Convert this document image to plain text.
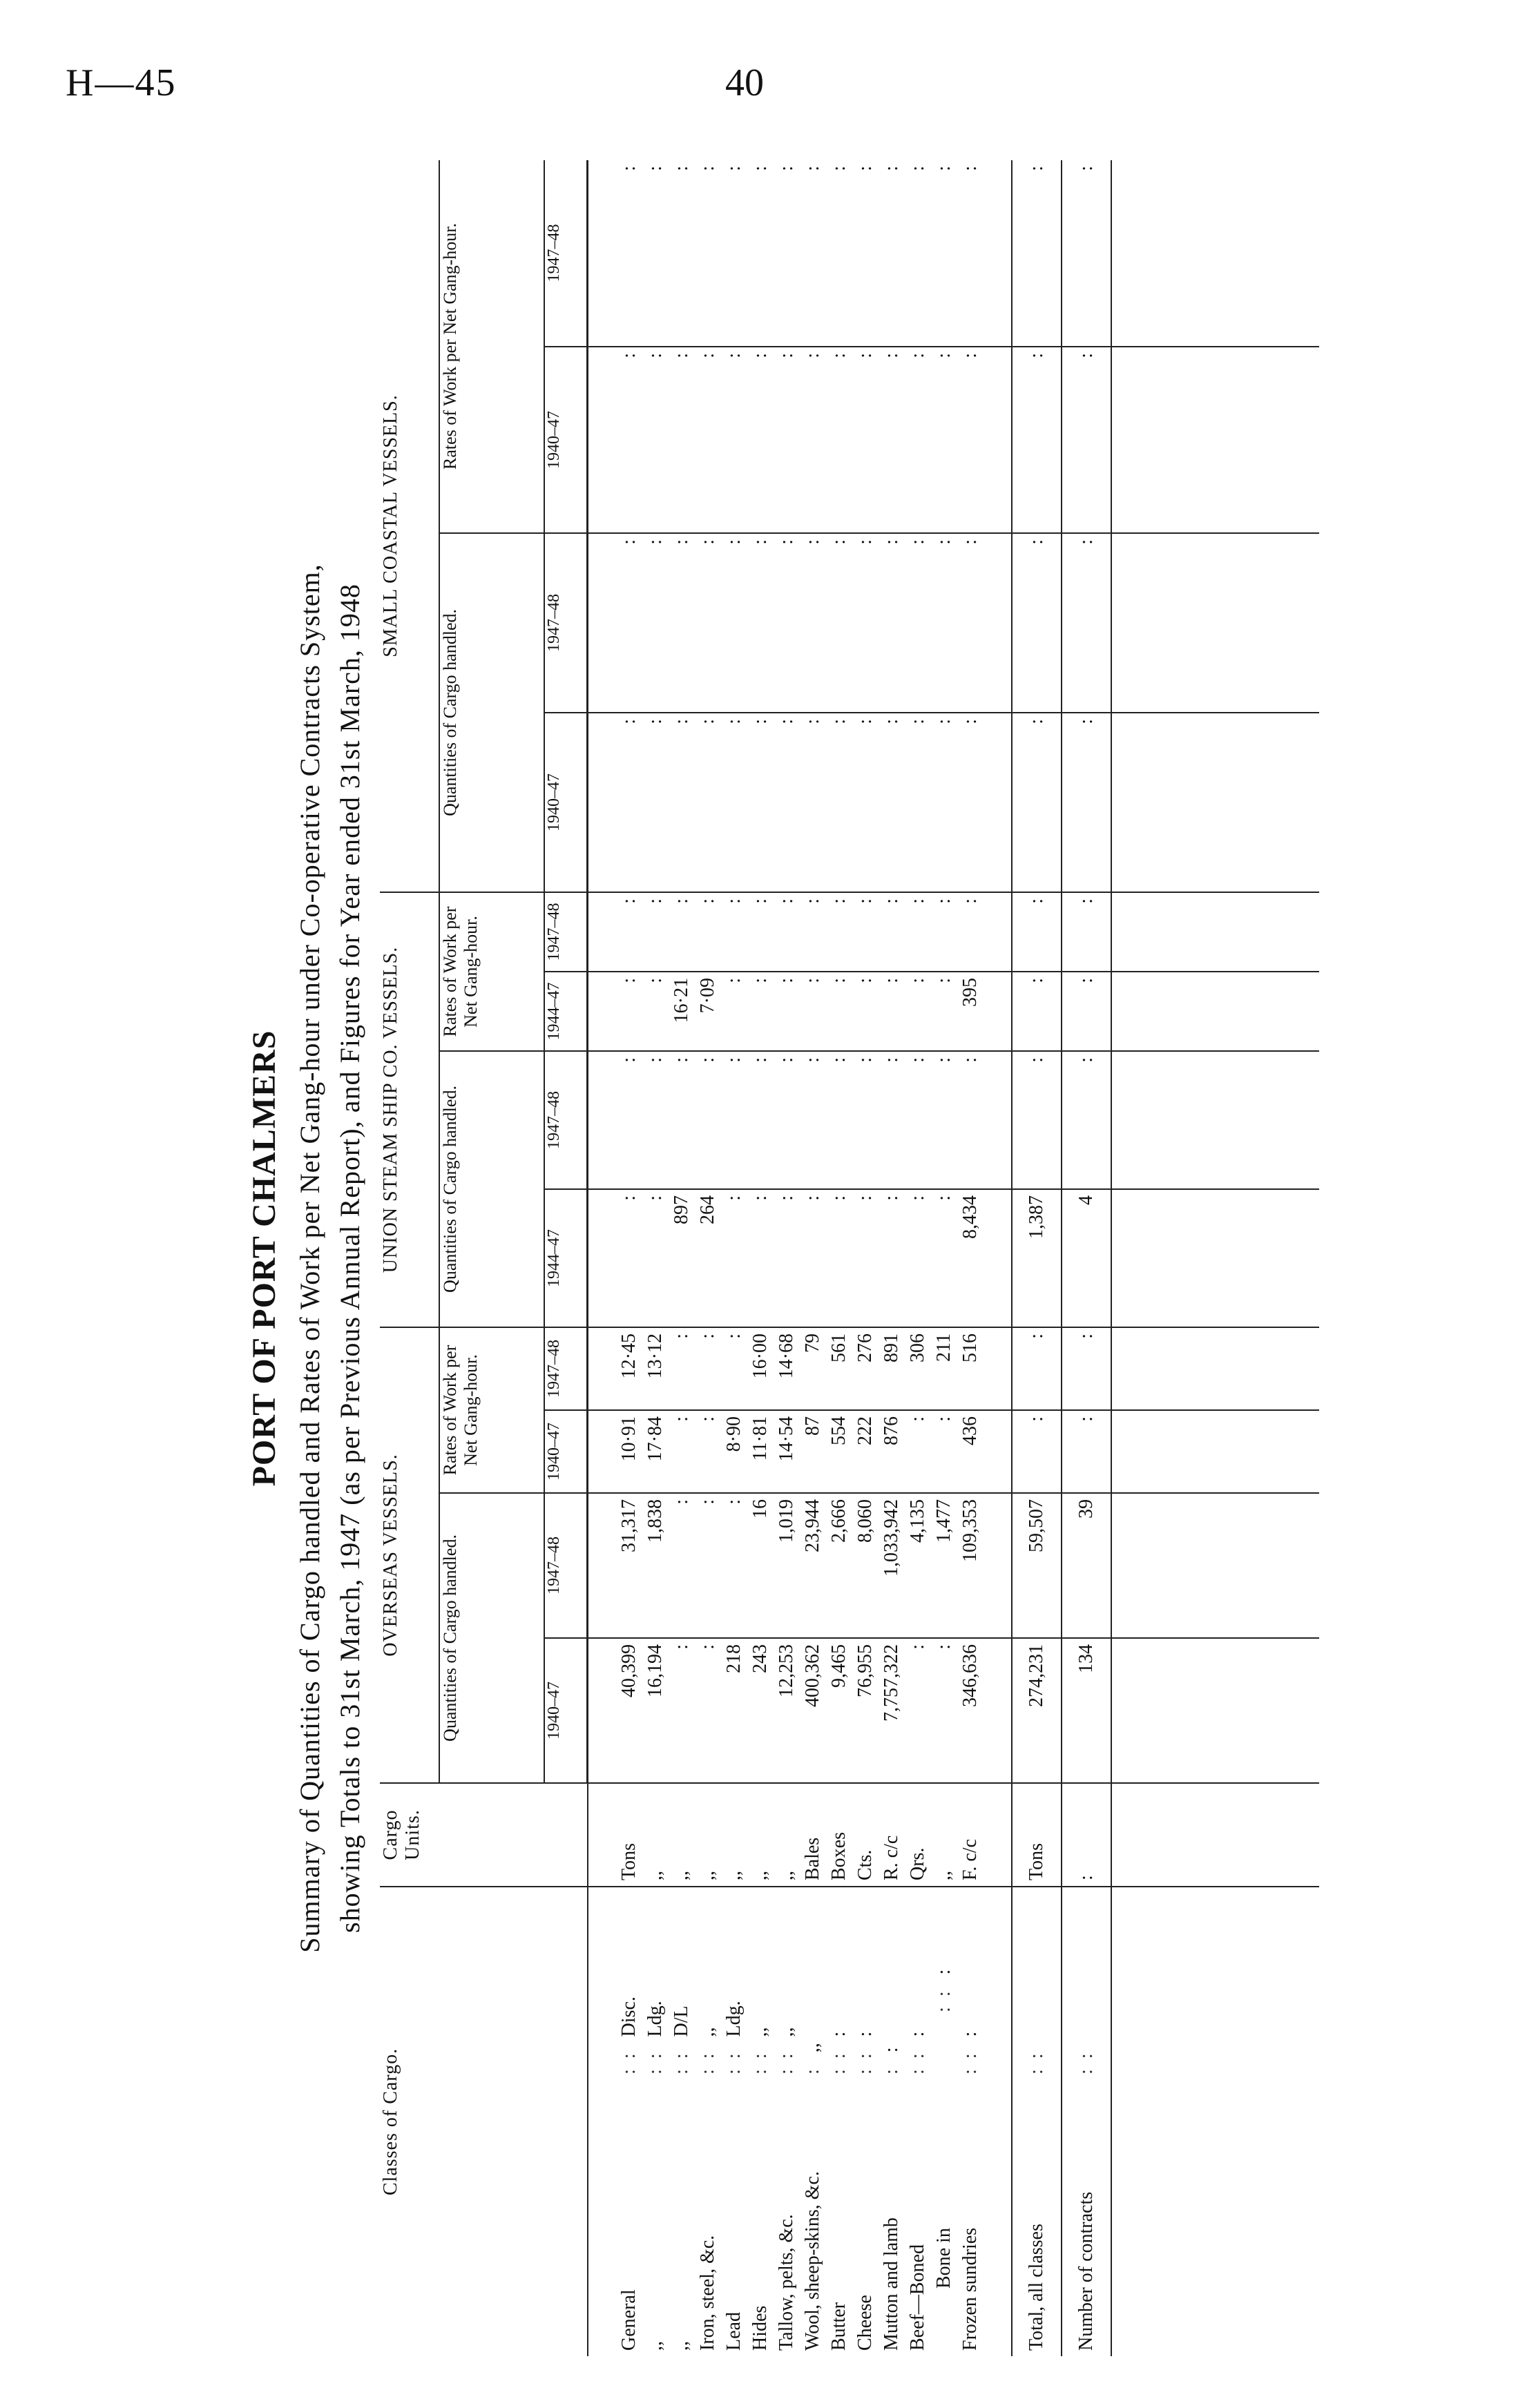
H—45	40
PORT OF PORT CHALMERS Summary of Quantities of Cargo handled and Rates of Work per Net Gang-hour under Co-operative Contracts System, showing Totals to 31st March, 1947 (as per Previous Annual Report), and Figures for Year ended 31st March, 1948
Classes of Cargo.	Cargo Units.	OVERSEAS VESSELS.				UNION STEAM SHIP CO. VESSELS.				SMALL COASTAL VESSELS.			
		Quantities of Cargo handled.		Rates of Work per Net Gang-hour.		Quantities of Cargo handled.		Rates of Work per Net Gang-hour.		Quantities of Cargo handled.		Rates of Work per Net Gang-hour.	
		1940–47	1947–48	1940–47	1947–48	1944–47	1947–48	1944–47	1947–48	1940–47	1947–48	1940–47	1947–48

General: :Disc.	Tons	40,399	31,317	10·91	12·45	:	:	:	:	:	:	:	:
,,: :Ldg.	,,	16,194	1,838	17·84	13·12	:	:	:	:	:	:	:	:
,,: :D/L	,,	:	:	:	:	897	:	16·21	:	:	:	:	:
Iron, steel, &c.: :,,	,,	:	:	:	:	264	:	7·09	:	:	:	:	:
Lead: :Ldg.	,,	218	:	8·90	:	:	:	:	:	:	:	:	:
Hides: :,,	,,	243	16	11·81	16·00	:	:	:	:	:	:	:	:
Tallow, pelts, &c.: :,,	,,	12,253	1,019	14·54	14·68	:	:	:	:	:	:	:	:
Wool, sheep-skins, &c.:,,	Bales	400,362	23,944	87	79	:	:	:	:	:	:	:	:
Butter: ::	Boxes	9,465	2,666	554	561	:	:	:	:	:	:	:	:
Cheese: ::	Cts.	76,955	8,060	222	276	:	:	:	:	:	:	:	:
Mutton and lamb::	R. c/c	7,757,322	1,033,942	876	891	:	:	:	:	:	:	:	:
Beef—Boned: ::	Qrs.	:	4,135	:	306	:	:	:	:	:	:	:	:
Bone in: ::	,,	:	1,477	:	211	:	:	:	:	:	:	:	:
Frozen sundries: ::	F. c/c	346,636	109,353	436	516	8,434	:	395	:	:	:	:	:

Total, all classes: :	Tons	274,231	59,507	:	:	1,387	:	:	:	:	:	:	:
Number of contracts: :	:	134	39	:	:	4	:	:	:	:	:	:	:
